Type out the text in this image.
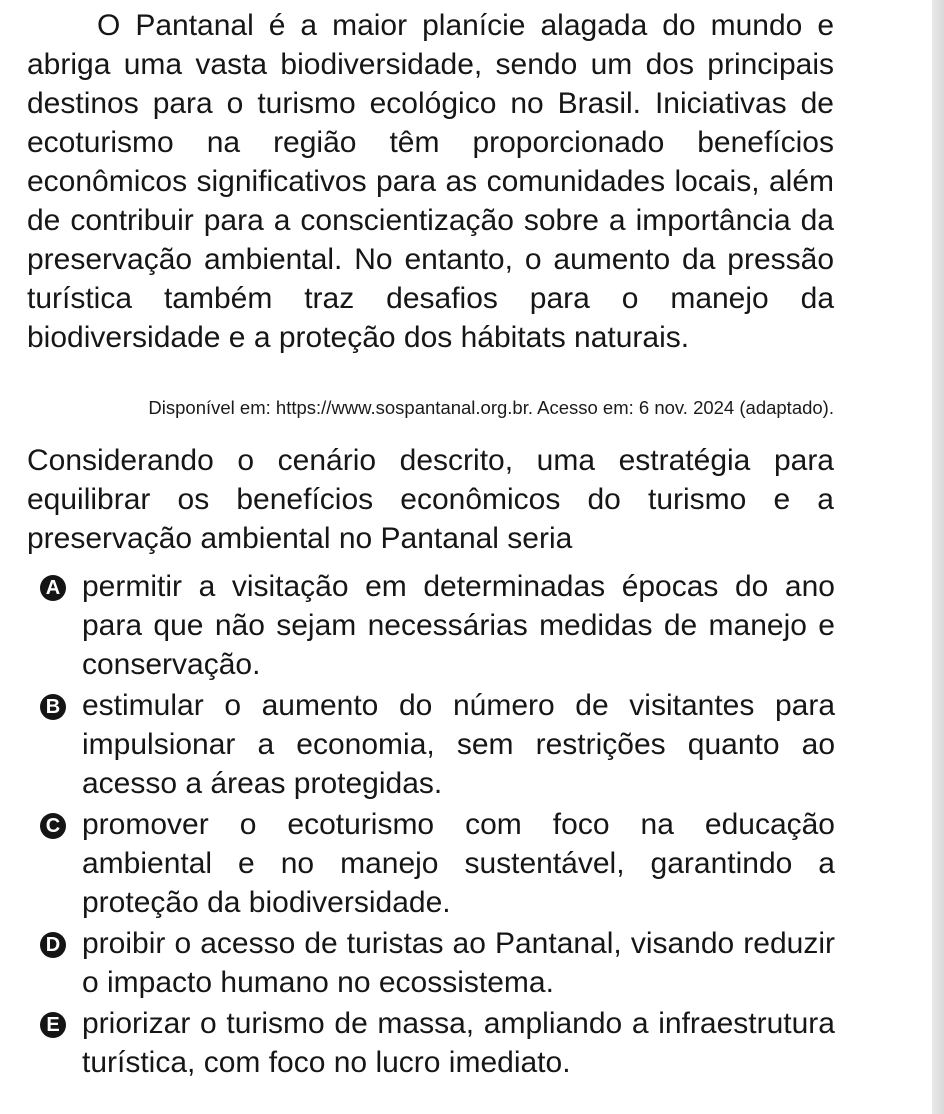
O Pantanal é a maior planície alagada do mundo e abriga uma vasta biodiversidade, sendo um dos principais destinos para o turismo ecológico no Brasil. Iniciativas de ecoturismo na região têm proporcionado benefícios econômicos significativos para as comunidades locais, além de contribuir para a conscientização sobre a importância da preservação ambiental. No entanto, o aumento da pressão turística também traz desafios para o manejo da biodiversidade e a proteção dos hábitats naturais.

Disponível em: https://www.sospantanal.org.br. Acesso em: 6 nov. 2024 (adaptado).

Considerando o cenário descrito, uma estratégia para equilibrar os benefícios econômicos do turismo e a preservação ambiental no Pantanal seria

A permitir a visitação em determinadas épocas do ano para que não sejam necessárias medidas de manejo e conservação.

B estimular o aumento do número de visitantes para impulsionar a economia, sem restrições quanto ao acesso a áreas protegidas.

C promover o ecoturismo com foco na educação ambiental e no manejo sustentável, garantindo a proteção da biodiversidade.

D proibir o acesso de turistas ao Pantanal, visando reduzir o impacto humano no ecossistema.

E priorizar o turismo de massa, ampliando a infraestrutura turística, com foco no lucro imediato.
